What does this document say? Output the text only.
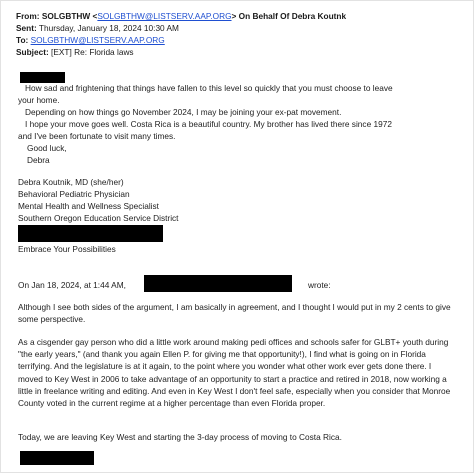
From: SOLGBTHW <SOLGBTHW@LISTSERV.AAP.ORG> On Behalf Of Debra Koutnk
Sent: Thursday, January 18, 2024 10:30 AM
To: SOLGBTHW@LISTSERV.AAP.ORG
Subject: [EXT] Re: Florida laws
How sad and frightening that things have fallen to this level so quickly that you must choose to leave
your home.
Depending on how things go November 2024, I may be joining your ex-pat movement.
I hope your move goes well. Costa Rica is a beautiful country. My brother has lived there since 1972
and I've been fortunate to visit many times.
Good luck,
Debra
Debra Koutnik, MD (she/her)
Behavioral Pediatric Physician
Mental Health and Wellness Specialist
Southern Oregon Education Service District
Embrace Your Possibilities
On Jan 18, 2024, at 1:44 AM,	wrote:
Although I see both sides of the argument, I am basically in agreement, and I thought I would put in my 2 cents to give some perspective.
As a cisgender gay person who did a little work around making pedi offices and schools safer for GLBT+ youth during "the early years," (and thank you again Ellen P. for giving me that opportunity!), I find what is going on in Florida terrifying. And the legislature is at it again, to the point where you wonder what other work ever gets done there. I moved to Key West in 2006 to take advantage of an opportunity to start a practice and retired in 2018, now working a little in freelance writing and editing. And even in Key West I don't feel safe, especially when you consider that Monroe County voted in the current regime at a higher percentage than even Florida proper.
Today, we are leaving Key West and starting the 3-day process of moving to Costa Rica.
